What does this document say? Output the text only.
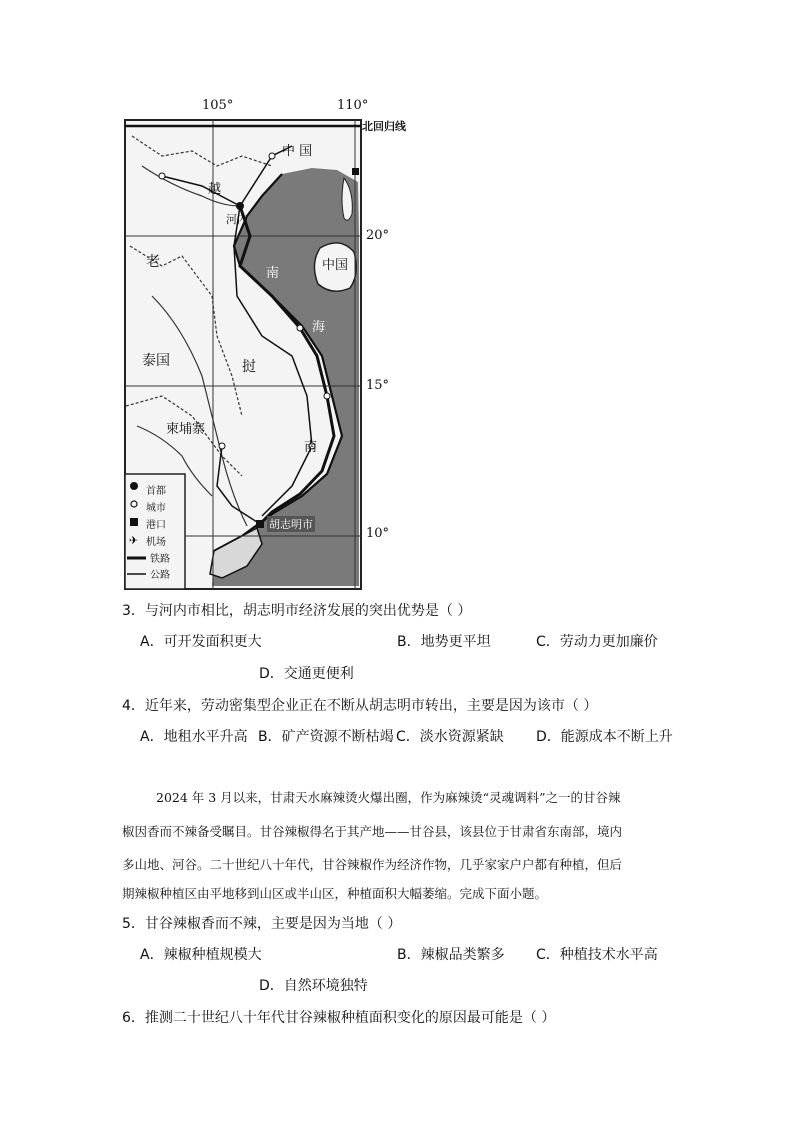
✈
105°	110°
北回归线
20°
15°
10°
中 国
中国
越
河内
老
挝
泰国
柬埔寨
南
海
南
胡志明市
首都
城市
港口
机场
铁路
公路
3．与河内市相比，胡志明市经济发展的突出优势是（ ）
A．可开发面积更大	B．地势更平坦	C．劳动力更加廉价
D．交通更便利
4．近年来，劳动密集型企业正在不断从胡志明市转出，主要是因为该市（ ）
A．地租水平升高 B．矿产资源不断枯竭 C．淡水资源紧缺 D．能源成本不断上升
2024 年 3 月以来，甘肃天水麻辣烫火爆出圈，作为麻辣烫“灵魂调料”之一的甘谷辣
椒因香而不辣备受瞩目。甘谷辣椒得名于其产地——甘谷县，该县位于甘肃省东南部，境内
多山地、河谷。二十世纪八十年代，甘谷辣椒作为经济作物，几乎家家户户都有种植，但后
期辣椒种植区由平地移到山区或半山区，种植面积大幅萎缩。完成下面小题。
5．甘谷辣椒香而不辣，主要是因为当地（ ）
A．辣椒种植规模大	B．辣椒品类繁多 C．种植技术水平高
D．自然环境独特
6．推测二十世纪八十年代甘谷辣椒种植面积变化的原因最可能是（ ）
